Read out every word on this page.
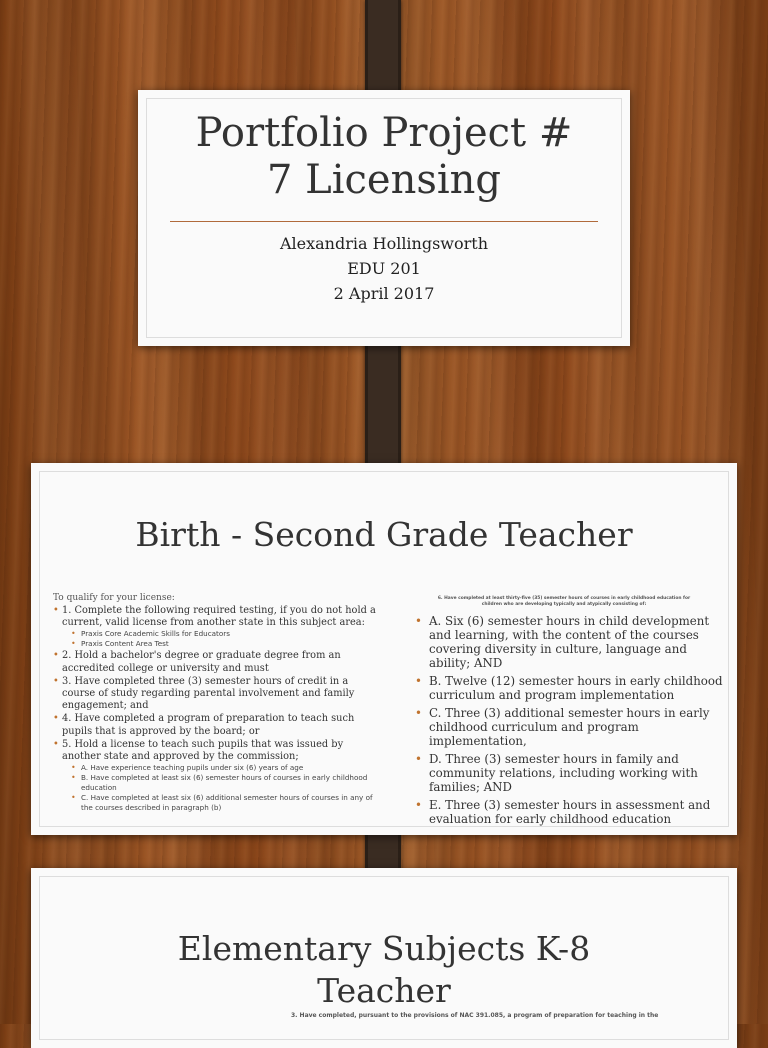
Portfolio Project #
7 Licensing
Alexandria Hollingsworth
EDU 201
2 April 2017
Birth - Second Grade Teacher
To qualify for your license:
• 1. Complete the following required testing, if you do not hold a current, valid license from another state in this subject area:
• Praxis Core Academic Skills for Educators
• Praxis Content Area Test
• 2. Hold a bachelor's degree or graduate degree from an accredited college or university and must
• 3. Have completed three (3) semester hours of credit in a course of study regarding parental involvement and family engagement; and
• 4. Have completed a program of preparation to teach such pupils that is approved by the board; or
• 5. Hold a license to teach such pupils that was issued by another state and approved by the commission;
• A. Have experience teaching pupils under six (6) years of age
• B. Have completed at least six (6) semester hours of courses in early childhood education
• C. Have completed at least six (6) additional semester hours of courses in any of the courses described in paragraph (b)
6. Have completed at least thirty-five (35) semester hours of courses in early childhood education for
children who are developing typically and atypically consisting of:
• A. Six (6) semester hours in child development and learning, with the content of the courses covering diversity in culture, language and ability; AND
• B. Twelve (12) semester hours in early childhood curriculum and program implementation
• C. Three (3) additional semester hours in early childhood curriculum and program implementation,
• D. Three (3) semester hours in family and community relations, including working with families; AND
• E. Three (3) semester hours in assessment and evaluation for early childhood education
Elementary Subjects K-8
Teacher
3. Have completed, pursuant to the provisions of NAC 391.085, a program of preparation for teaching in the
